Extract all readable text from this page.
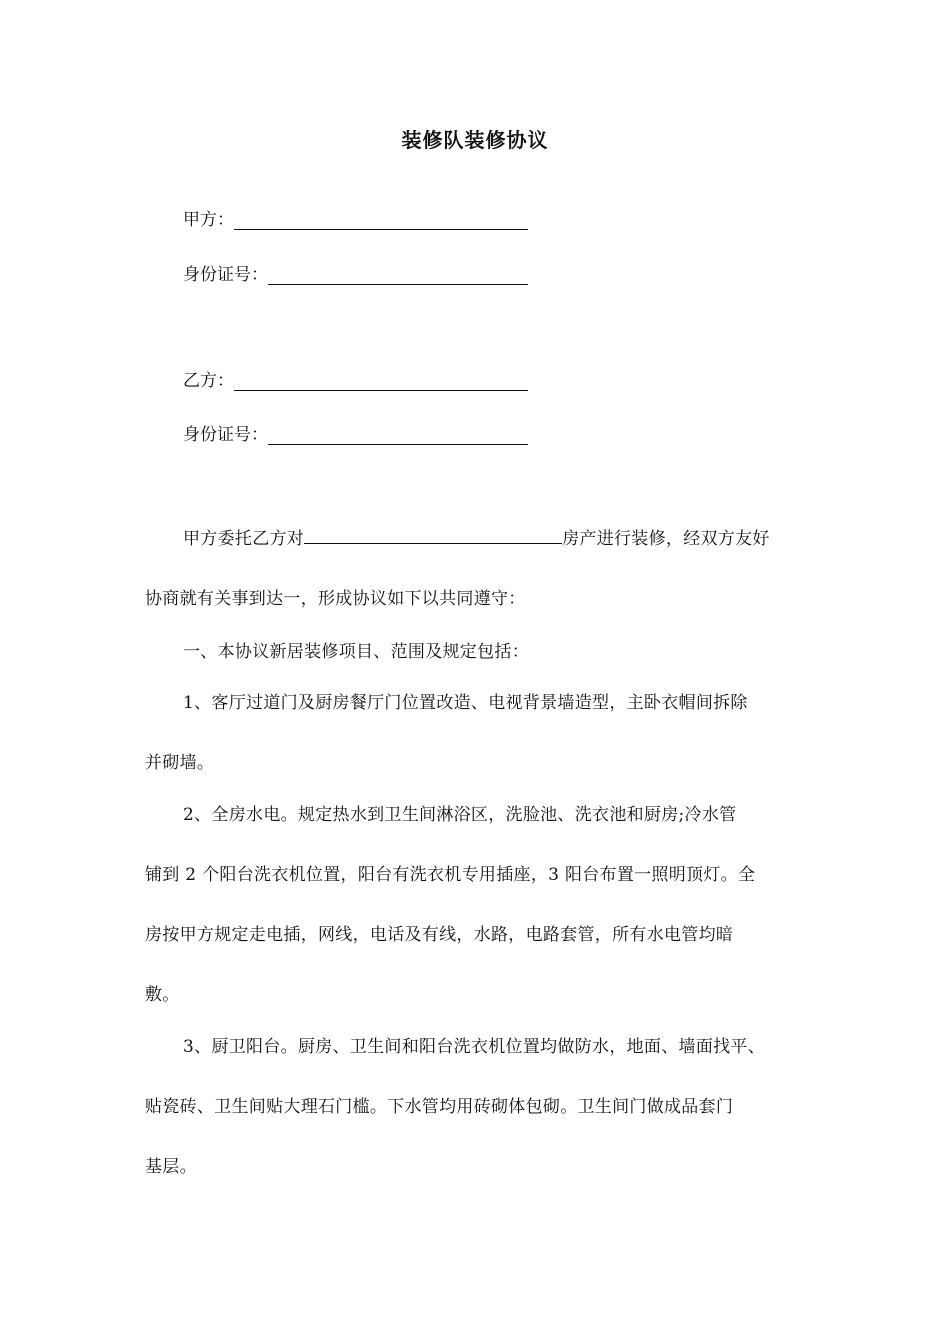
装修队装修协议
甲方：
身份证号：
乙方：
身份证号：
甲方委托乙方对	房产进行装修，经双方友好
协商就有关事到达一，形成协议如下以共同遵守：
一、本协议新居装修项目、范围及规定包括：
1、客厅过道门及厨房餐厅门位置改造、电视背景墙造型，主卧衣帽间拆除
并砌墙。
2、全房水电。规定热水到卫生间淋浴区，洗脸池、洗衣池和厨房;冷水管
铺到 2 个阳台洗衣机位置，阳台有洗衣机专用插座，3 阳台布置一照明顶灯。全
房按甲方规定走电插，网线，电话及有线，水路，电路套管，所有水电管均暗
敷。
3、厨卫阳台。厨房、卫生间和阳台洗衣机位置均做防水，地面、墙面找平、
贴瓷砖、卫生间贴大理石门槛。下水管均用砖砌体包砌。卫生间门做成品套门
基层。
